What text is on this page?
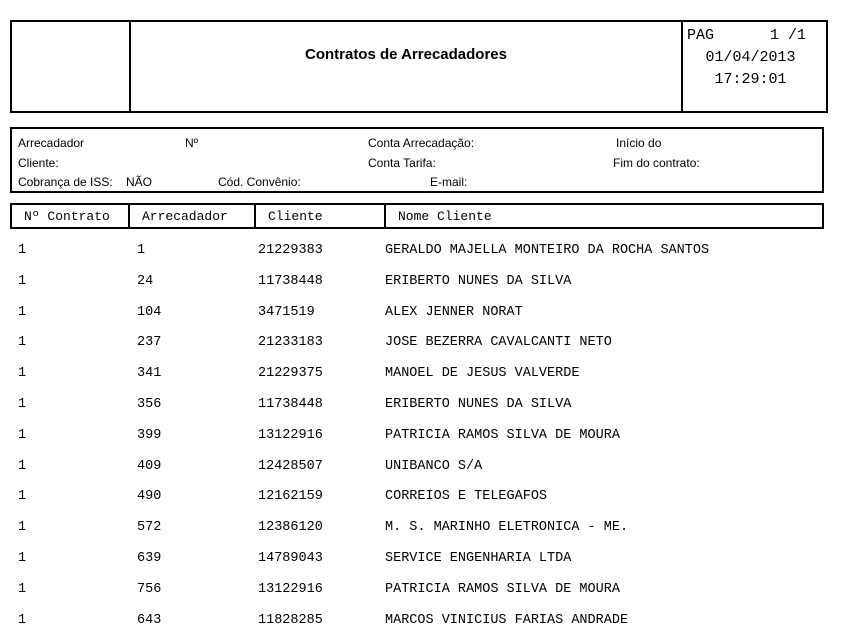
Contratos de Arrecadadores
PAG	1 /1
01/04/2013
17:29:01
Arrecadador	Nº	Conta Arrecadação:	Início do
Cliente:	Conta Tarifa:	Fim do contrato:
Cobrança de ISS: NÃO	Cód. Convênio:	E-mail:
Nº Contrato	Arrecadador	Cliente	Nome Cliente
1	1	21229383	GERALDO MAJELLA MONTEIRO DA ROCHA SANTOS
1	24	11738448	ERIBERTO NUNES DA SILVA
1	104	3471519	ALEX JENNER NORAT
1	237	21233183	JOSE BEZERRA CAVALCANTI NETO
1	341	21229375	MANOEL DE JESUS VALVERDE
1	356	11738448	ERIBERTO NUNES DA SILVA
1	399	13122916	PATRICIA RAMOS SILVA DE MOURA
1	409	12428507	UNIBANCO S/A
1	490	12162159	CORREIOS E TELEGAFOS
1	572	12386120	M. S. MARINHO ELETRONICA - ME.
1	639	14789043	SERVICE ENGENHARIA LTDA
1	756	13122916	PATRICIA RAMOS SILVA DE MOURA
1	643	11828285	MARCOS VINICIUS FARIAS ANDRADE
